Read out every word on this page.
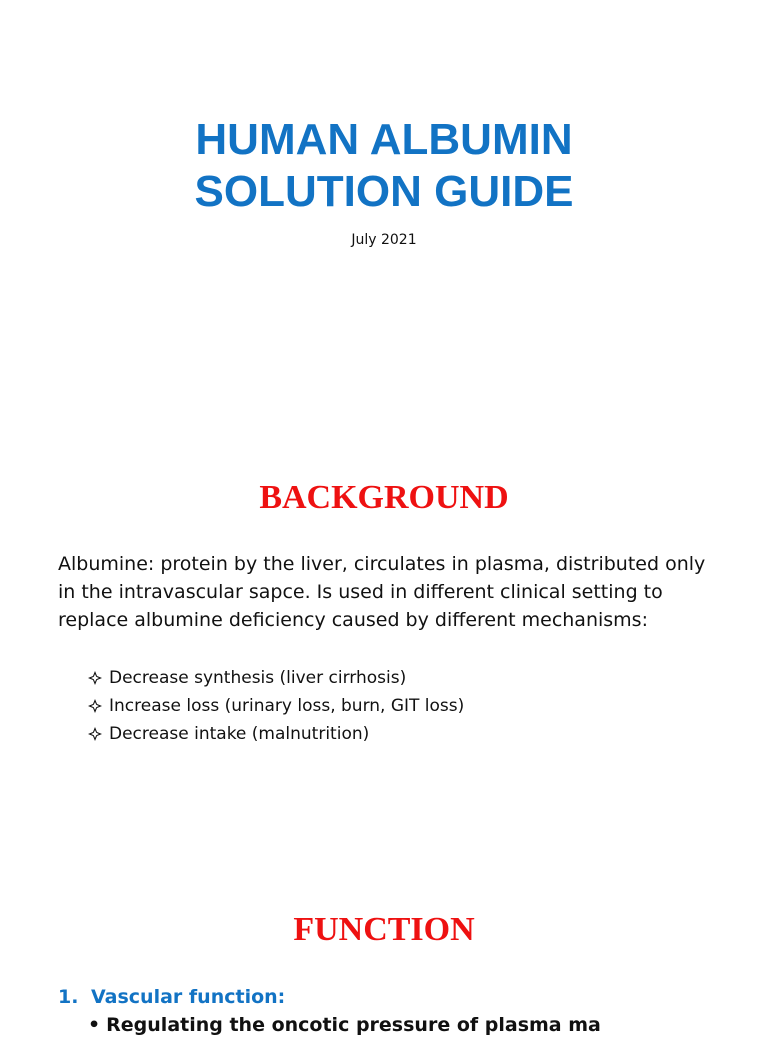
HUMAN ALBUMIN
SOLUTION GUIDE
July 2021
BACKGROUND

Albumine: protein by the liver, circulates in plasma, distributed only in the intravascular sapce. Is used in different clinical setting to replace albumine deficiency caused by different mechanisms:

Decrease synthesis (liver cirrhosis)
Increase loss (urinary loss, burn, GIT loss)
Decrease intake (malnutrition)
FUNCTION
1. Vascular function:
• Regulating the oncotic pressure of plasma ma
